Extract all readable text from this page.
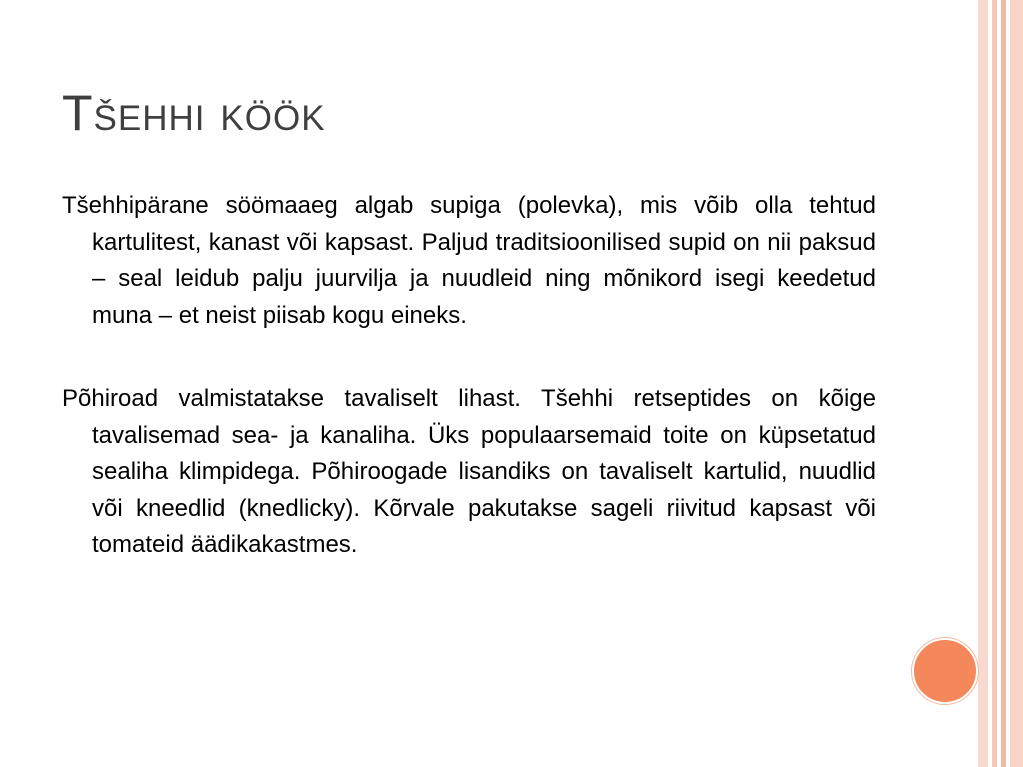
Tšehhi köök

Tšehhipärane söömaaeg algab supiga (polevka), mis võib olla tehtud kartulitest, kanast või kapsast. Paljud traditsioonilised supid on nii paksud – seal leidub palju juurvilja ja nuudleid ning mõnikord isegi keedetud muna – et neist piisab kogu eineks.

Põhiroad valmistatakse tavaliselt lihast. Tšehhi retseptides on kõige tavalisemad sea- ja kanaliha. Üks populaarsemaid toite on küpsetatud sealiha klimpidega. Põhiroogade lisandiks on tavaliselt kartulid, nuudlid või kneedlid (knedlicky). Kõrvale pakutakse sageli riivitud kapsast või tomateid äädikakastmes.
